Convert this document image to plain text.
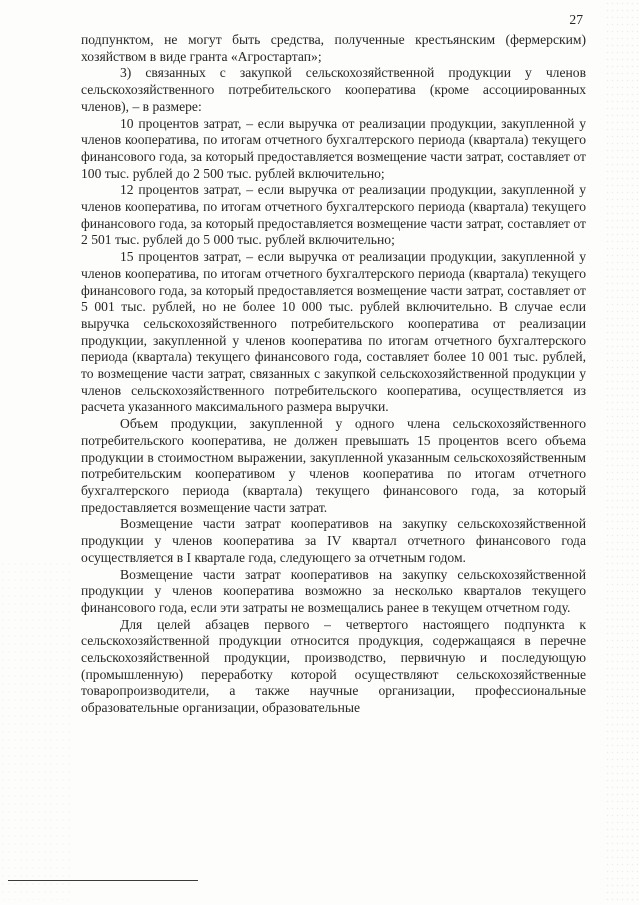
27

подпунктом, не могут быть средства, полученные крестьянским (фермерским) хозяйством в виде гранта «Агростартап»;

3) связанных с закупкой сельскохозяйственной продукции у членов сельскохозяйственного потребительского кооператива (кроме ассоциированных членов), – в размере:

10 процентов затрат, – если выручка от реализации продукции, закупленной у членов кооператива, по итогам отчетного бухгалтерского периода (квартала) текущего финансового года, за который предоставляется возмещение части затрат, составляет от 100 тыс. рублей до 2 500 тыс. рублей включительно;

12 процентов затрат, – если выручка от реализации продукции, закупленной у членов кооператива, по итогам отчетного бухгалтерского периода (квартала) текущего финансового года, за который предоставляется возмещение части затрат, составляет от 2 501 тыс. рублей до 5 000 тыс. рублей включительно;

15 процентов затрат, – если выручка от реализации продукции, закупленной у членов кооператива, по итогам отчетного бухгалтерского периода (квартала) текущего финансового года, за который предоставляется возмещение части затрат, составляет от 5 001 тыс. рублей, но не более 10 000 тыс. рублей включительно. В случае если выручка сельскохозяйственного потребительского кооператива от реализации продукции, закупленной у членов кооператива по итогам отчетного бухгалтерского периода (квартала) текущего финансового года, составляет более 10 001 тыс. рублей, то возмещение части затрат, связанных с закупкой сельскохозяйственной продукции у членов сельскохозяйственного потребительского кооператива, осуществляется из расчета указанного максимального размера выручки.

Объем продукции, закупленной у одного члена сельскохозяйственного потребительского кооператива, не должен превышать 15 процентов всего объема продукции в стоимостном выражении, закупленной указанным сельскохозяйственным потребительским кооперативом у членов кооператива по итогам отчетного бухгалтерского периода (квартала) текущего финансового года, за который предоставляется возмещение части затрат.

Возмещение части затрат кооперативов на закупку сельскохозяйственной продукции у членов кооператива за IV квартал отчетного финансового года осуществляется в I квартале года, следующего за отчетным годом.

Возмещение части затрат кооперативов на закупку сельскохозяйственной продукции у членов кооператива возможно за несколько кварталов текущего финансового года, если эти затраты не возмещались ранее в текущем отчетном году.

Для целей абзацев первого – четвертого настоящего подпункта к сельскохозяйственной продукции относится продукция, содержащаяся в перечне сельскохозяйственной продукции, производство, первичную и последующую (промышленную) переработку которой осуществляют сельскохозяйственные товаропроизводители, а также научные организации, профессиональные образовательные организации, образовательные
